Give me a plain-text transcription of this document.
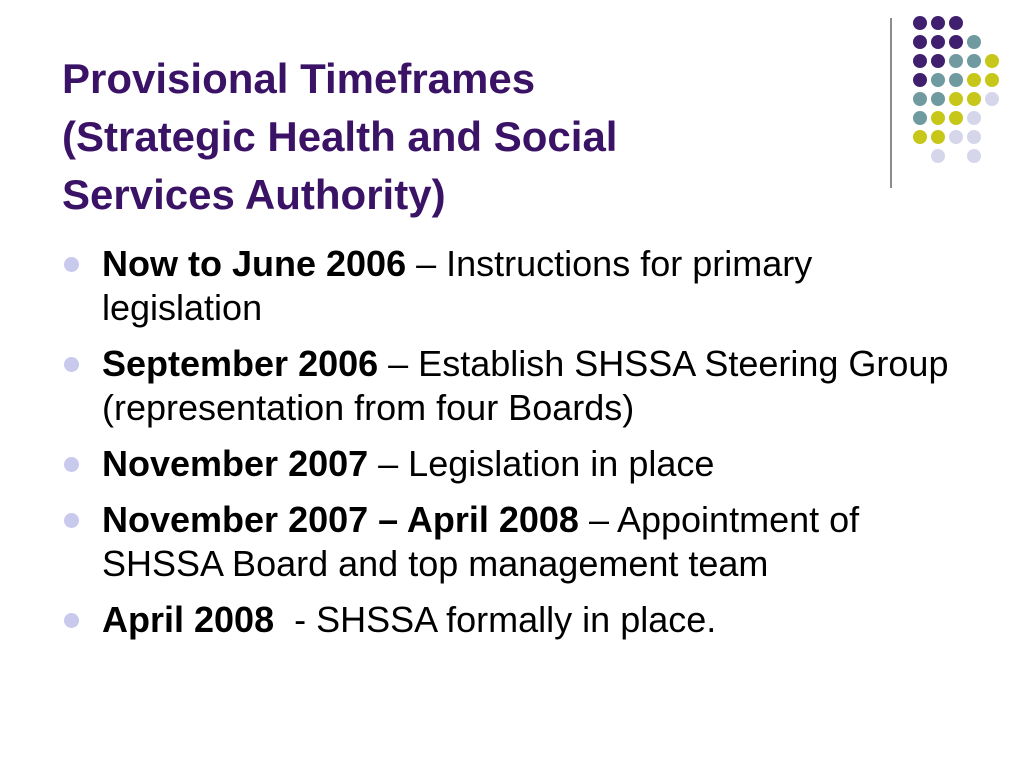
Provisional Timeframes
(Strategic Health and Social
Services Authority)
Now to June 2006 – Instructions for primary legislation
September 2006 – Establish SHSSA Steering Group (representation from four Boards)
November 2007 – Legislation in place
November 2007 – April 2008 – Appointment of SHSSA Board and top management team
April 2008  - SHSSA formally in place.
